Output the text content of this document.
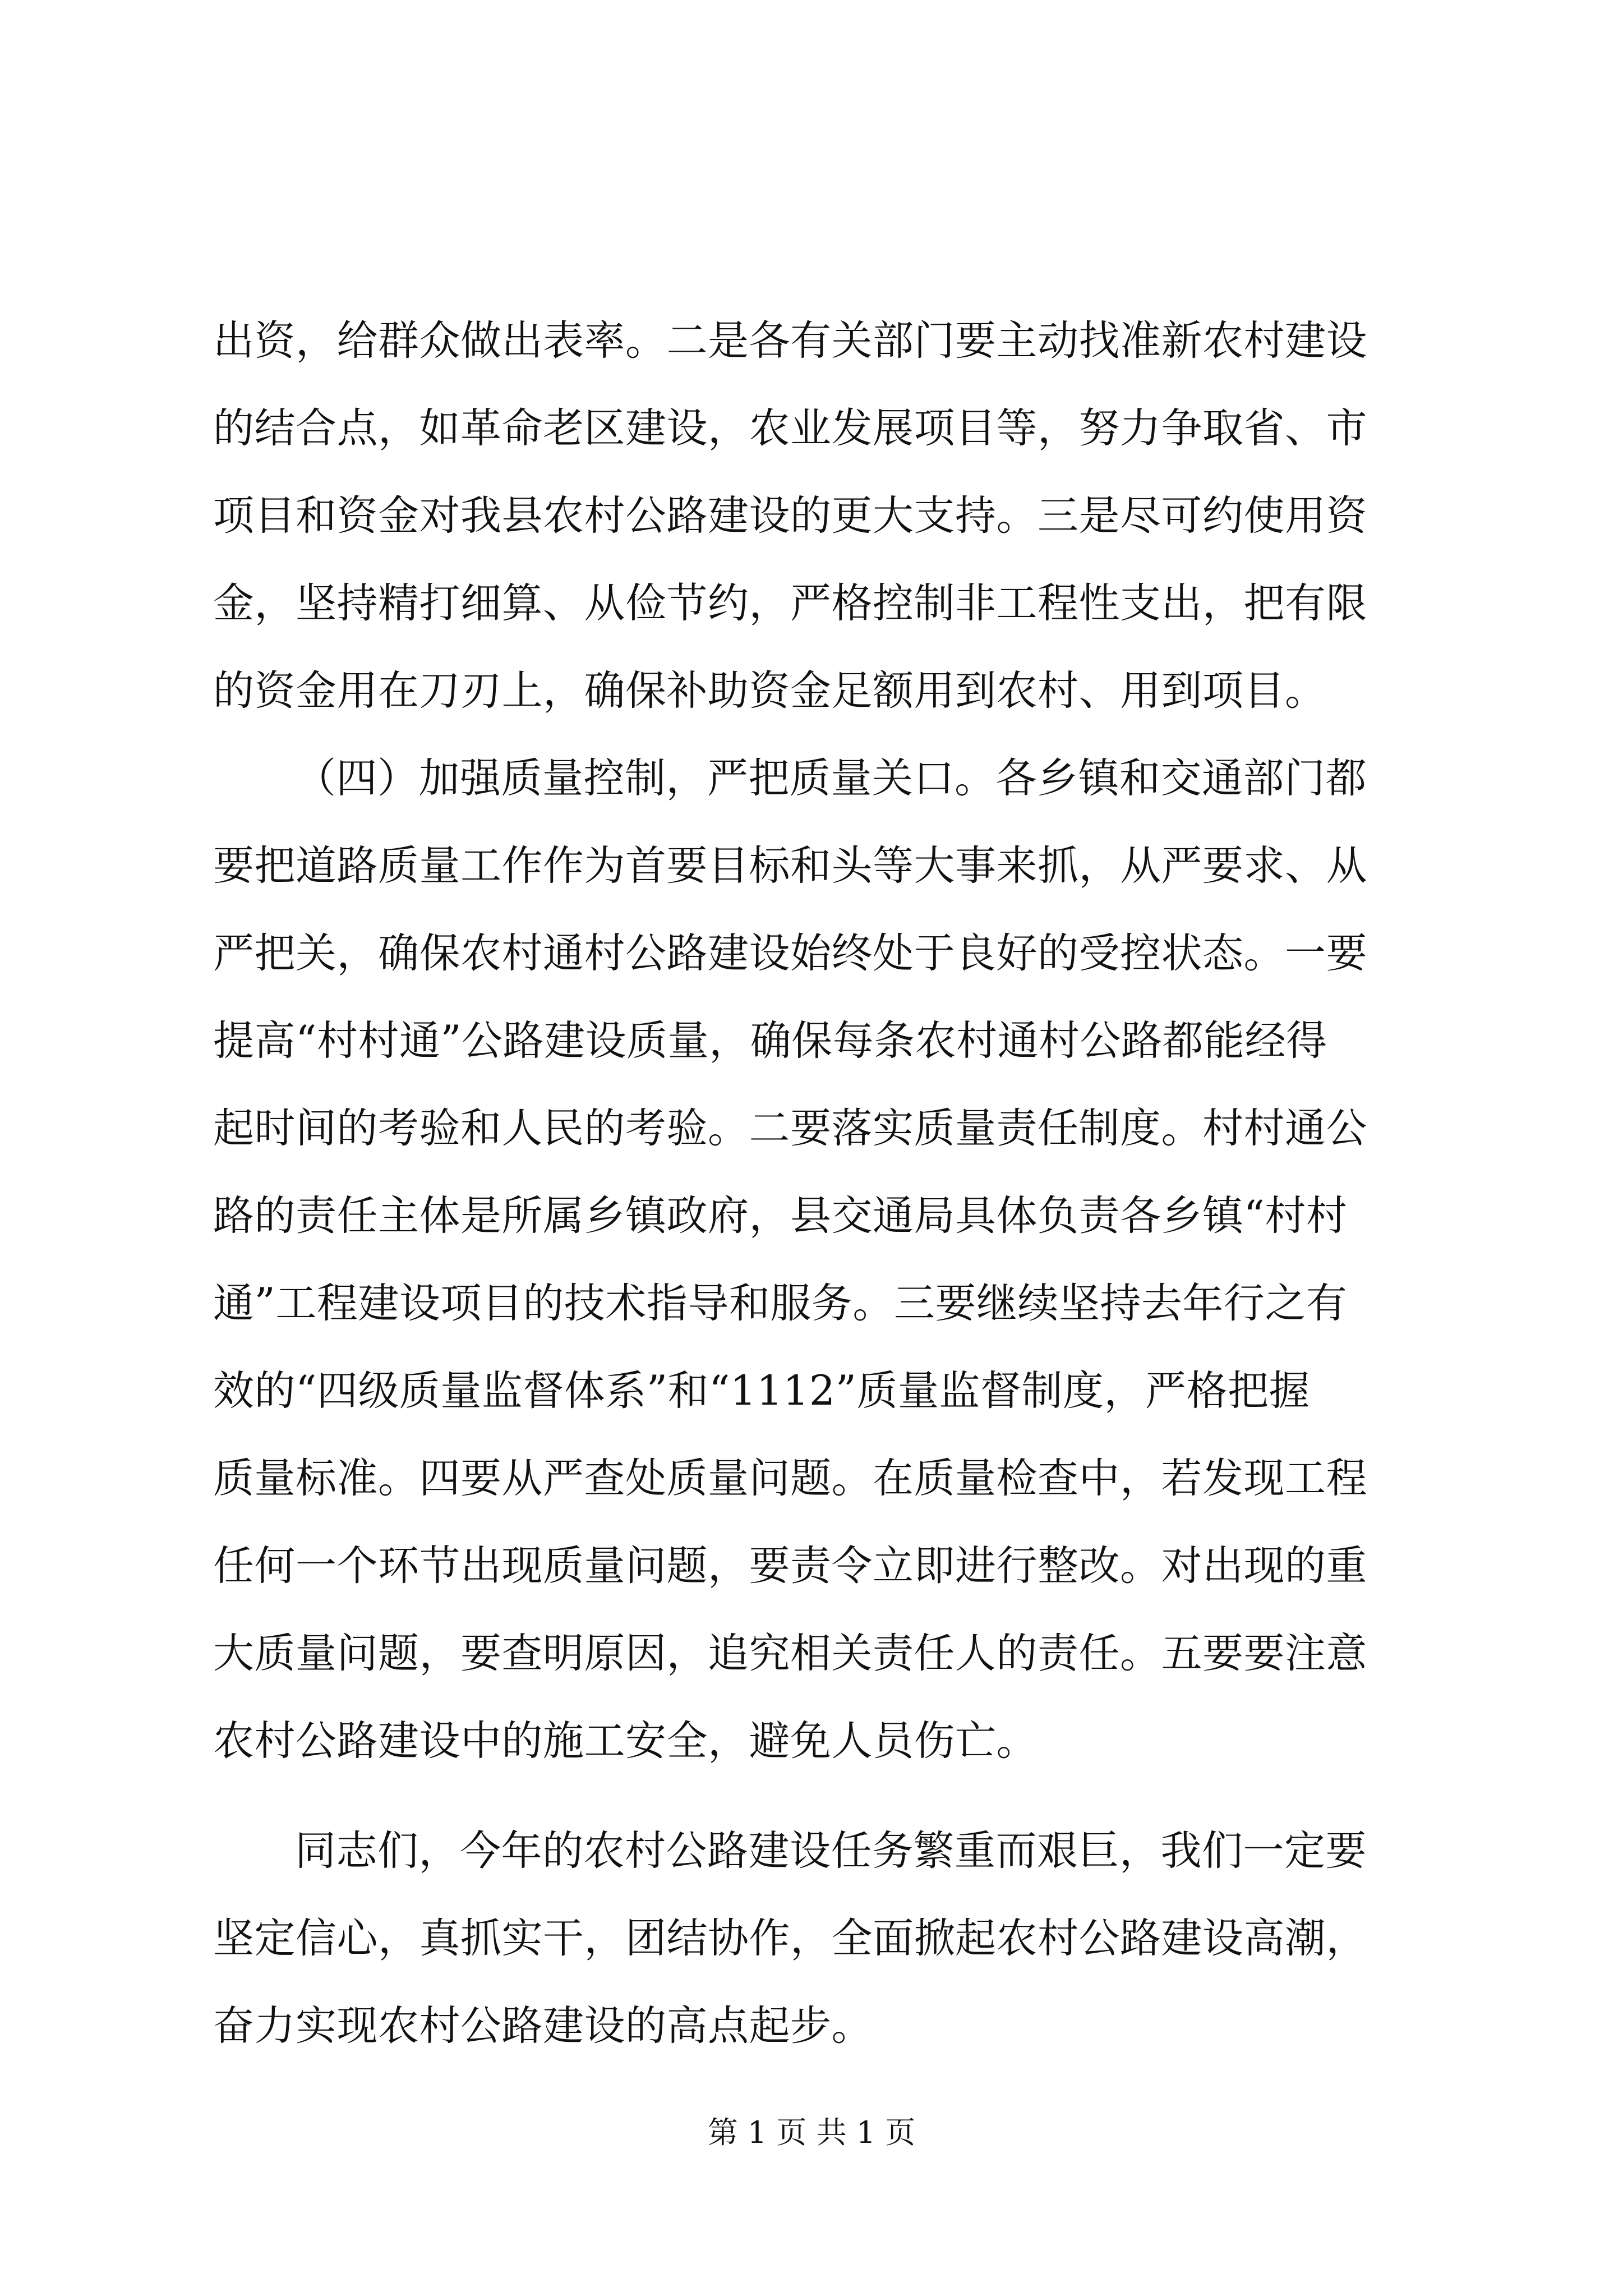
出资，给群众做出表率。二是各有关部门要主动找准新农村建设
的结合点，如革命老区建设，农业发展项目等，努力争取省、市
项目和资金对我县农村公路建设的更大支持。三是尽可约使用资
金，坚持精打细算、从俭节约，严格控制非工程性支出，把有限
的资金用在刀刃上，确保补助资金足额用到农村、用到项目。
（四）加强质量控制，严把质量关口。各乡镇和交通部门都
要把道路质量工作作为首要目标和头等大事来抓，从严要求、从
严把关，确保农村通村公路建设始终处于良好的受控状态。一要
提高“村村通”公路建设质量，确保每条农村通村公路都能经得
起时间的考验和人民的考验。二要落实质量责任制度。村村通公
路的责任主体是所属乡镇政府，县交通局具体负责各乡镇“村村
通”工程建设项目的技术指导和服务。三要继续坚持去年行之有
效的“四级质量监督体系”和“1112”质量监督制度，严格把握
质量标准。四要从严查处质量问题。在质量检查中，若发现工程
任何一个环节出现质量问题，要责令立即进行整改。对出现的重
大质量问题，要查明原因，追究相关责任人的责任。五要要注意
农村公路建设中的施工安全，避免人员伤亡。
同志们，今年的农村公路建设任务繁重而艰巨，我们一定要
坚定信心，真抓实干，团结协作，全面掀起农村公路建设高潮，
奋力实现农村公路建设的高点起步。
第 1 页 共 1 页
